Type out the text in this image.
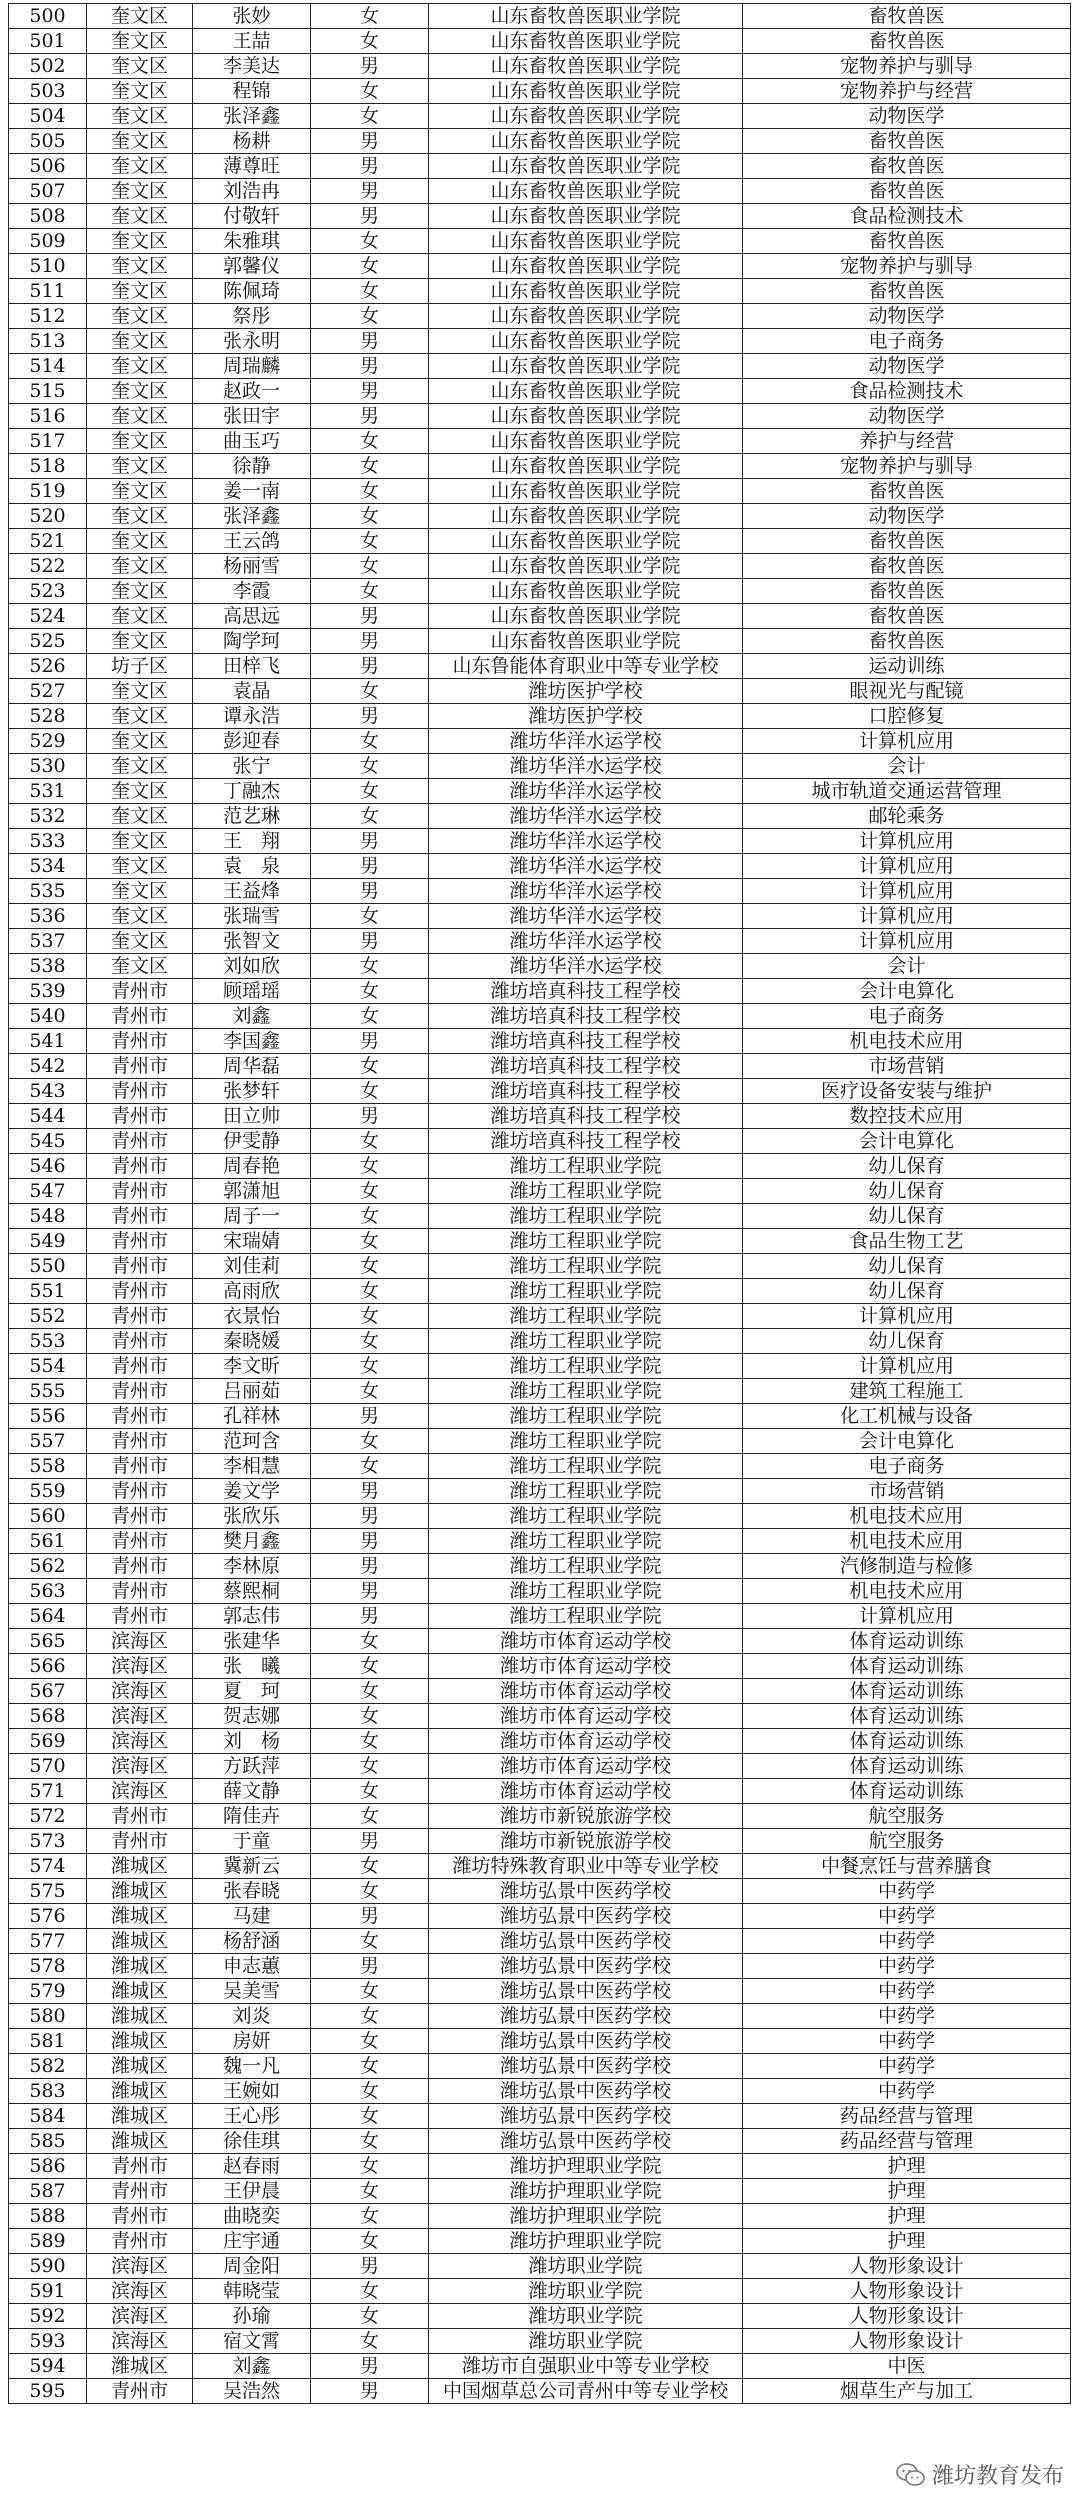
500	奎文区	张妙	女	山东畜牧兽医职业学院	畜牧兽医
501	奎文区	王喆	女	山东畜牧兽医职业学院	畜牧兽医
502	奎文区	李美达	男	山东畜牧兽医职业学院	宠物养护与驯导
503	奎文区	程锦	女	山东畜牧兽医职业学院	宠物养护与经营
504	奎文区	张泽鑫	女	山东畜牧兽医职业学院	动物医学
505	奎文区	杨耕	男	山东畜牧兽医职业学院	畜牧兽医
506	奎文区	薄尊旺	男	山东畜牧兽医职业学院	畜牧兽医
507	奎文区	刘浩冉	男	山东畜牧兽医职业学院	畜牧兽医
508	奎文区	付敬轩	男	山东畜牧兽医职业学院	食品检测技术
509	奎文区	朱雅琪	女	山东畜牧兽医职业学院	畜牧兽医
510	奎文区	郭馨仪	女	山东畜牧兽医职业学院	宠物养护与驯导
511	奎文区	陈佩琦	女	山东畜牧兽医职业学院	畜牧兽医
512	奎文区	祭彤	女	山东畜牧兽医职业学院	动物医学
513	奎文区	张永明	男	山东畜牧兽医职业学院	电子商务
514	奎文区	周瑞麟	男	山东畜牧兽医职业学院	动物医学
515	奎文区	赵政一	男	山东畜牧兽医职业学院	食品检测技术
516	奎文区	张田宇	男	山东畜牧兽医职业学院	动物医学
517	奎文区	曲玉巧	女	山东畜牧兽医职业学院	养护与经营
518	奎文区	徐静	女	山东畜牧兽医职业学院	宠物养护与驯导
519	奎文区	姜一南	女	山东畜牧兽医职业学院	畜牧兽医
520	奎文区	张泽鑫	女	山东畜牧兽医职业学院	动物医学
521	奎文区	王云鸽	女	山东畜牧兽医职业学院	畜牧兽医
522	奎文区	杨丽雪	女	山东畜牧兽医职业学院	畜牧兽医
523	奎文区	李霞	女	山东畜牧兽医职业学院	畜牧兽医
524	奎文区	高思远	男	山东畜牧兽医职业学院	畜牧兽医
525	奎文区	陶学珂	男	山东畜牧兽医职业学院	畜牧兽医
526	坊子区	田梓飞	男	山东鲁能体育职业中等专业学校	运动训练
527	奎文区	袁晶	女	潍坊医护学校	眼视光与配镜
528	奎文区	谭永浩	男	潍坊医护学校	口腔修复
529	奎文区	彭迎春	女	潍坊华洋水运学校	计算机应用
530	奎文区	张宁	女	潍坊华洋水运学校	会计
531	奎文区	丁融杰	女	潍坊华洋水运学校	城市轨道交通运营管理
532	奎文区	范艺琳	女	潍坊华洋水运学校	邮轮乘务
533	奎文区	王　翔	男	潍坊华洋水运学校	计算机应用
534	奎文区	袁　泉	男	潍坊华洋水运学校	计算机应用
535	奎文区	王益烽	男	潍坊华洋水运学校	计算机应用
536	奎文区	张瑞雪	女	潍坊华洋水运学校	计算机应用
537	奎文区	张智文	男	潍坊华洋水运学校	计算机应用
538	奎文区	刘如欣	女	潍坊华洋水运学校	会计
539	青州市	顾瑶瑶	女	潍坊培真科技工程学校	会计电算化
540	青州市	刘鑫	女	潍坊培真科技工程学校	电子商务
541	青州市	李国鑫	男	潍坊培真科技工程学校	机电技术应用
542	青州市	周华磊	女	潍坊培真科技工程学校	市场营销
543	青州市	张梦轩	女	潍坊培真科技工程学校	医疗设备安装与维护
544	青州市	田立帅	男	潍坊培真科技工程学校	数控技术应用
545	青州市	伊雯静	女	潍坊培真科技工程学校	会计电算化
546	青州市	周春艳	女	潍坊工程职业学院	幼儿保育
547	青州市	郭潇旭	女	潍坊工程职业学院	幼儿保育
548	青州市	周子一	女	潍坊工程职业学院	幼儿保育
549	青州市	宋瑞婧	女	潍坊工程职业学院	食品生物工艺
550	青州市	刘佳莉	女	潍坊工程职业学院	幼儿保育
551	青州市	高雨欣	女	潍坊工程职业学院	幼儿保育
552	青州市	衣景怡	女	潍坊工程职业学院	计算机应用
553	青州市	秦晓媛	女	潍坊工程职业学院	幼儿保育
554	青州市	李文昕	女	潍坊工程职业学院	计算机应用
555	青州市	吕丽茹	女	潍坊工程职业学院	建筑工程施工
556	青州市	孔祥林	男	潍坊工程职业学院	化工机械与设备
557	青州市	范珂含	女	潍坊工程职业学院	会计电算化
558	青州市	李相慧	女	潍坊工程职业学院	电子商务
559	青州市	姜文学	男	潍坊工程职业学院	市场营销
560	青州市	张欣乐	男	潍坊工程职业学院	机电技术应用
561	青州市	樊月鑫	男	潍坊工程职业学院	机电技术应用
562	青州市	李林原	男	潍坊工程职业学院	汽修制造与检修
563	青州市	蔡熙桐	男	潍坊工程职业学院	机电技术应用
564	青州市	郭志伟	男	潍坊工程职业学院	计算机应用
565	滨海区	张建华	女	潍坊市体育运动学校	体育运动训练
566	滨海区	张　曦	女	潍坊市体育运动学校	体育运动训练
567	滨海区	夏　珂	女	潍坊市体育运动学校	体育运动训练
568	滨海区	贺志娜	女	潍坊市体育运动学校	体育运动训练
569	滨海区	刘　杨	女	潍坊市体育运动学校	体育运动训练
570	滨海区	方跃萍	女	潍坊市体育运动学校	体育运动训练
571	滨海区	薛文静	女	潍坊市体育运动学校	体育运动训练
572	青州市	隋佳卉	女	潍坊市新锐旅游学校	航空服务
573	青州市	于童	男	潍坊市新锐旅游学校	航空服务
574	潍城区	冀新云	女	潍坊特殊教育职业中等专业学校	中餐烹饪与营养膳食
575	潍城区	张春晓	女	潍坊弘景中医药学校	中药学
576	潍城区	马建	男	潍坊弘景中医药学校	中药学
577	潍城区	杨舒涵	女	潍坊弘景中医药学校	中药学
578	潍城区	申志蕙	男	潍坊弘景中医药学校	中药学
579	潍城区	吴美雪	女	潍坊弘景中医药学校	中药学
580	潍城区	刘炎	女	潍坊弘景中医药学校	中药学
581	潍城区	房妍	女	潍坊弘景中医药学校	中药学
582	潍城区	魏一凡	女	潍坊弘景中医药学校	中药学
583	潍城区	王婉如	女	潍坊弘景中医药学校	中药学
584	潍城区	王心彤	女	潍坊弘景中医药学校	药品经营与管理
585	潍城区	徐佳琪	女	潍坊弘景中医药学校	药品经营与管理
586	青州市	赵春雨	女	潍坊护理职业学院	护理
587	青州市	王伊晨	女	潍坊护理职业学院	护理
588	青州市	曲晓奕	女	潍坊护理职业学院	护理
589	青州市	庄宇通	女	潍坊护理职业学院	护理
590	滨海区	周金阳	男	潍坊职业学院	人物形象设计
591	滨海区	韩晓莹	女	潍坊职业学院	人物形象设计
592	滨海区	孙瑜	女	潍坊职业学院	人物形象设计
593	滨海区	宿文霄	女	潍坊职业学院	人物形象设计
594	潍城区	刘鑫	男	潍坊市自强职业中等专业学校	中医
595	青州市	吴浩然	男	中国烟草总公司青州中等专业学校	烟草生产与加工
潍坊教育发布
